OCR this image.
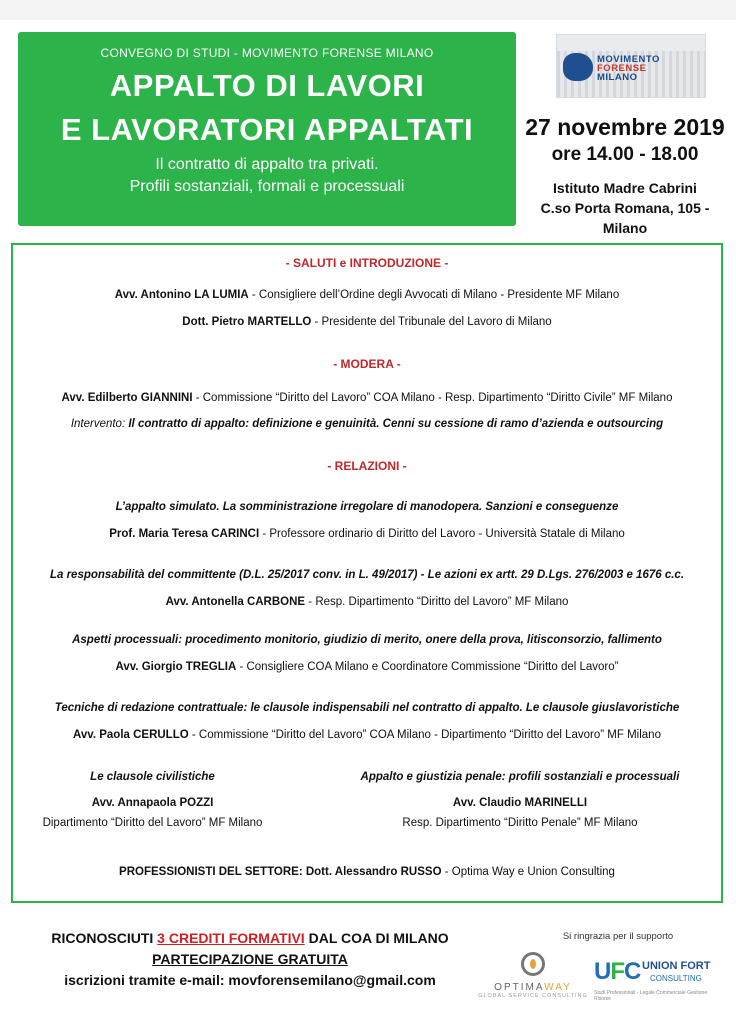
CONVEGNO DI STUDI - MOVIMENTO FORENSE MILANO
APPALTO DI LAVORI
E LAVORATORI APPALTATI
Il contratto di appalto tra privati.
Profili sostanziali, formali e processuali
MOVIMENTO
FORENSE
MILANO
27 novembre 2019
ore 14.00 - 18.00
Istituto Madre Cabrini
C.so Porta Romana, 105 - Milano
- SALUTI e INTRODUZIONE -
Avv. Antonino LA LUMIA - Consigliere dell’Ordine degli Avvocati di Milano - Presidente MF Milano
Dott. Pietro MARTELLO - Presidente del Tribunale del Lavoro di Milano
- MODERA -
Avv. Edilberto GIANNINI - Commissione “Diritto del Lavoro” COA Milano - Resp. Dipartimento “Diritto Civile” MF Milano
Intervento: Il contratto di appalto: definizione e genuinità. Cenni su cessione di ramo d’azienda e outsourcing
- RELAZIONI -
L’appalto simulato. La somministrazione irregolare di manodopera. Sanzioni e conseguenze
Prof. Maria Teresa CARINCI - Professore ordinario di Diritto del Lavoro - Università Statale di Milano
La responsabilità del committente (D.L. 25/2017 conv. in L. 49/2017) - Le azioni ex artt. 29 D.Lgs. 276/2003 e 1676 c.c.
Avv. Antonella CARBONE - Resp. Dipartimento “Diritto del Lavoro” MF Milano
Aspetti processuali: procedimento monitorio, giudizio di merito, onere della prova, litisconsorzio, fallimento
Avv. Giorgio TREGLIA - Consigliere COA Milano e Coordinatore Commissione “Diritto del Lavoro”
Tecniche di redazione contrattuale: le clausole indispensabili nel contratto di appalto. Le clausole giuslavoristiche
Avv. Paola CERULLO - Commissione “Diritto del Lavoro” COA Milano - Dipartimento “Diritto del Lavoro” MF Milano
Le clausole civilistiche
Avv. Annapaola POZZI
Dipartimento “Diritto del Lavoro” MF Milano
Appalto e giustizia penale: profili sostanziali e processuali
Avv. Claudio MARINELLI
Resp. Dipartimento “Diritto Penale” MF Milano
PROFESSIONISTI DEL SETTORE: Dott. Alessandro RUSSO - Optima Way e Union Consulting
RICONOSCIUTI 3 CREDITI FORMATIVI DAL COA DI MILANO
PARTECIPAZIONE GRATUITA
iscrizioni tramite e-mail: movforensemilano@gmail.com
Si ringrazia per il supporto
OPTIMAWAY
GLOBAL SERVICE CONSULTING
UFC UNION FORT
CONSULTING
Studi Professionali - Legale Commerciale Gestione Risorse
